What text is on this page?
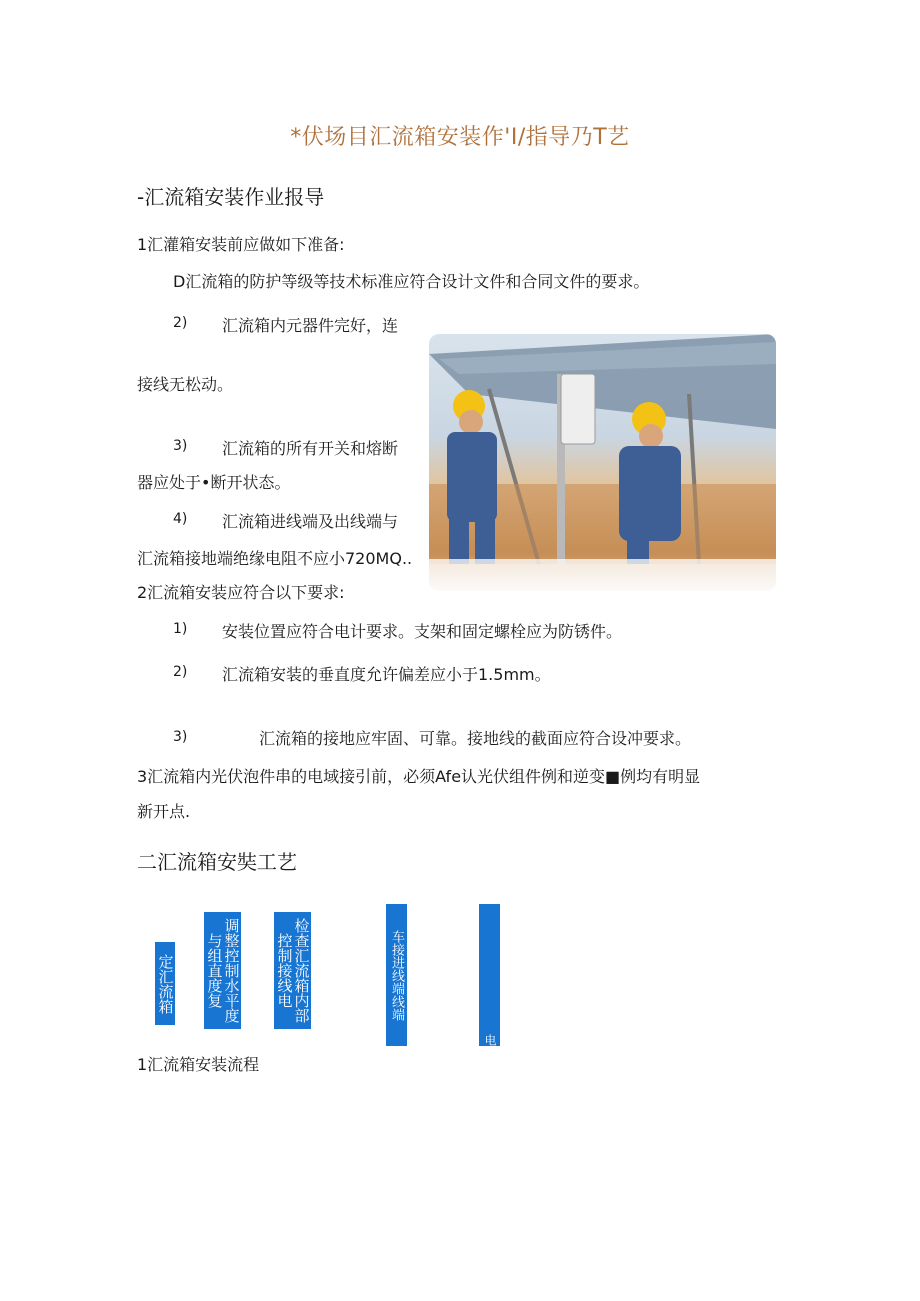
*伏场目汇流箱安装作'I/指导乃T艺
-汇流箱安装作业报导
1汇灌箱安装前应做如下准备:
D汇流箱的防护等级等技术标准应符合设计文件和合同文件的要求。
2) 汇流箱内元器件完好，连
接线无松动。
3) 汇流箱的所有开关和熔断
器应处于•断开状态。
4) 汇流箱进线端及出线端与
汇流箱接地端绝缘电阻不应小720MQ..
2汇流箱安装应符合以下要求:
1) 安装位置应符合电计要求。支架和固定螺栓应为防锈件。
2) 汇流箱安装的垂直度允许偏差应小于1.5mm。
3)	汇流箱的接地应牢固、可靠。接地线的截面应符合设冲要求。
3汇流箱内光伏泡件串的电域接引前，必须Afe认光伏组件例和逆变■例均有明显
新开点.
二汇流箱安奘工艺
定汇流箱	调整控制水平度与组直度复	检查汇流箱内部控制接线电	车接进线端线端
电
1汇流箱安装流程
